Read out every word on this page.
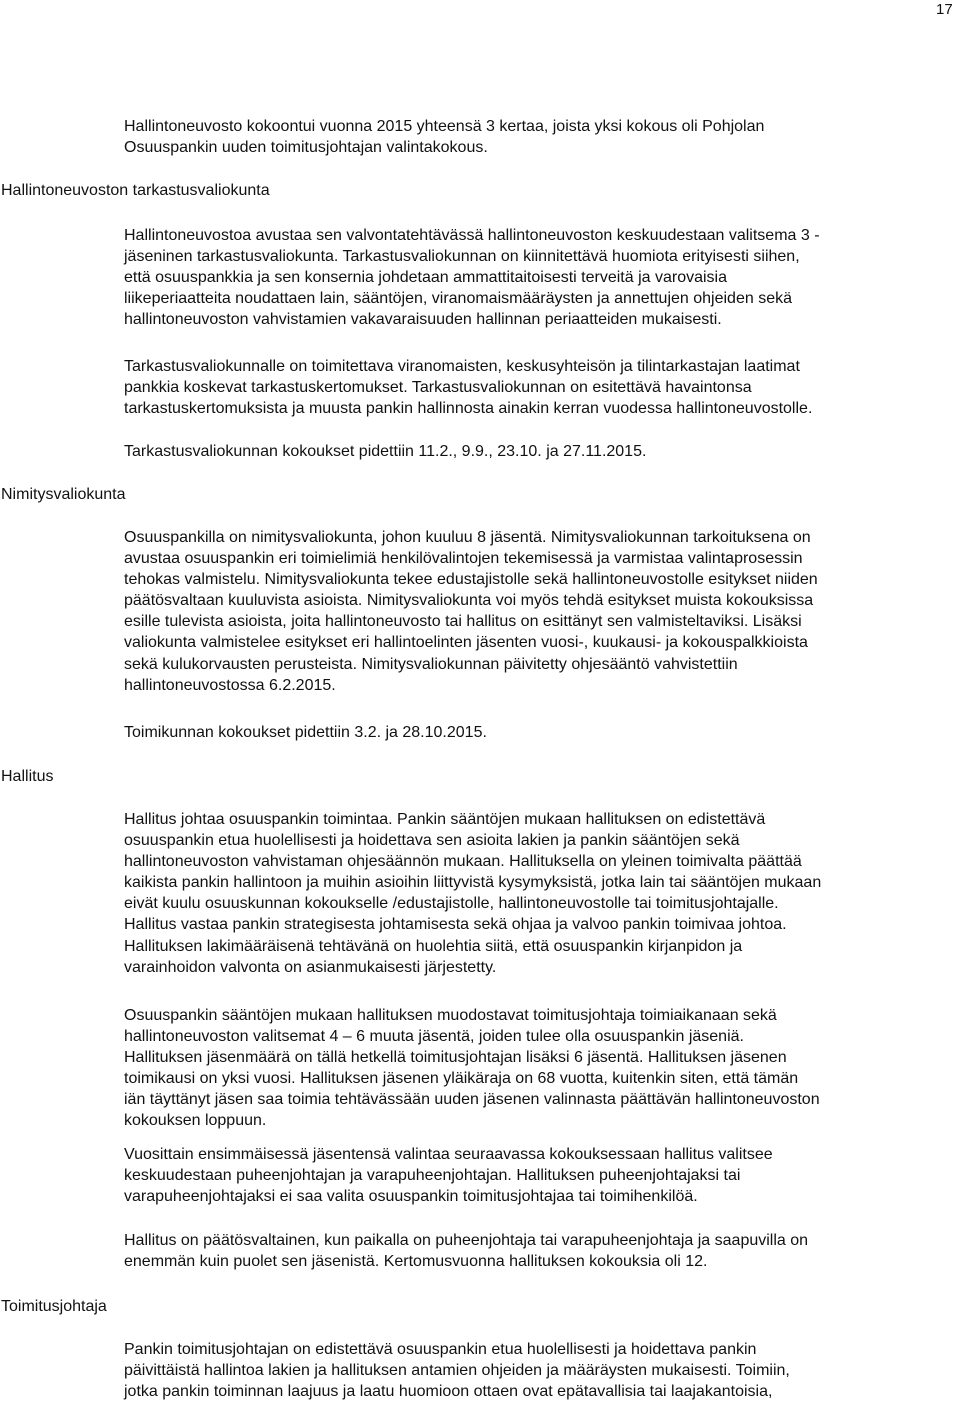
17

Hallintoneuvosto kokoontui vuonna 2015 yhteensä 3 kertaa, joista yksi kokous oli Pohjolan
Osuuspankin uuden toimitusjohtajan valintakokous.

Hallintoneuvoston tarkastusvaliokunta

Hallintoneuvostoa avustaa sen valvontatehtävässä hallintoneuvoston keskuudestaan valitsema 3 -
jäseninen tarkastusvaliokunta. Tarkastusvaliokunnan on kiinnitettävä huomiota erityisesti siihen,
että osuuspankkia ja sen konsernia johdetaan ammattitaitoisesti terveitä ja varovaisia
liikeperiaatteita noudattaen lain, sääntöjen, viranomaismääräysten ja annettujen ohjeiden sekä
hallintoneuvoston vahvistamien vakavaraisuuden hallinnan periaatteiden mukaisesti.

Tarkastusvaliokunnalle on toimitettava viranomaisten, keskusyhteisön ja tilintarkastajan laatimat
pankkia koskevat tarkastuskertomukset. Tarkastusvaliokunnan on esitettävä havaintonsa
tarkastuskertomuksista ja muusta pankin hallinnosta ainakin kerran vuodessa hallintoneuvostolle.

Tarkastusvaliokunnan kokoukset pidettiin 11.2., 9.9., 23.10. ja 27.11.2015.

Nimitysvaliokunta

Osuuspankilla on nimitysvaliokunta, johon kuuluu 8 jäsentä. Nimitysvaliokunnan tarkoituksena on
avustaa osuuspankin eri toimielimiä henkilövalintojen tekemisessä ja varmistaa valintaprosessin
tehokas valmistelu. Nimitysvaliokunta tekee edustajistolle sekä hallintoneuvostolle esitykset niiden
päätösvaltaan kuuluvista asioista. Nimitysvaliokunta voi myös tehdä esitykset muista kokouksissa
esille tulevista asioista, joita hallintoneuvosto tai hallitus on esittänyt sen valmisteltaviksi. Lisäksi
valiokunta valmistelee esitykset eri hallintoelinten jäsenten vuosi-, kuukausi- ja kokouspalkkioista
sekä kulukorvausten perusteista. Nimitysvaliokunnan päivitetty ohjesääntö vahvistettiin
hallintoneuvostossa 6.2.2015.

Toimikunnan kokoukset pidettiin 3.2. ja 28.10.2015.

Hallitus

Hallitus johtaa osuuspankin toimintaa. Pankin sääntöjen mukaan hallituksen on edistettävä
osuuspankin etua huolellisesti ja hoidettava sen asioita lakien ja pankin sääntöjen sekä
hallintoneuvoston vahvistaman ohjesäännön mukaan. Hallituksella on yleinen toimivalta päättää
kaikista pankin hallintoon ja muihin asioihin liittyvistä kysymyksistä, jotka lain tai sääntöjen mukaan
eivät kuulu osuuskunnan kokoukselle /edustajistolle, hallintoneuvostolle tai toimitusjohtajalle.
Hallitus vastaa pankin strategisesta johtamisesta sekä ohjaa ja valvoo pankin toimivaa johtoa.
Hallituksen lakimääräisenä tehtävänä on huolehtia siitä, että osuuspankin kirjanpidon ja
varainhoidon valvonta on asianmukaisesti järjestetty.

Osuuspankin sääntöjen mukaan hallituksen muodostavat toimitusjohtaja toimiaikanaan sekä
hallintoneuvoston valitsemat 4 – 6 muuta jäsentä, joiden tulee olla osuuspankin jäseniä.
Hallituksen jäsenmäärä on tällä hetkellä toimitusjohtajan lisäksi 6 jäsentä. Hallituksen jäsenen
toimikausi on yksi vuosi. Hallituksen jäsenen yläikäraja on 68 vuotta, kuitenkin siten, että tämän
iän täyttänyt jäsen saa toimia tehtävässään uuden jäsenen valinnasta päättävän hallintoneuvoston
kokouksen loppuun.

Vuosittain ensimmäisessä jäsentensä valintaa seuraavassa kokouksessaan hallitus valitsee
keskuudestaan puheenjohtajan ja varapuheenjohtajan. Hallituksen puheenjohtajaksi tai
varapuheenjohtajaksi ei saa valita osuuspankin toimitusjohtajaa tai toimihenkilöä.

Hallitus on päätösvaltainen, kun paikalla on puheenjohtaja tai varapuheenjohtaja ja saapuvilla on
enemmän kuin puolet sen jäsenistä. Kertomusvuonna hallituksen kokouksia oli 12.

Toimitusjohtaja

Pankin toimitusjohtajan on edistettävä osuuspankin etua huolellisesti ja hoidettava pankin
päivittäistä hallintoa lakien ja hallituksen antamien ohjeiden ja määräysten mukaisesti. Toimiin,
jotka pankin toiminnan laajuus ja laatu huomioon ottaen ovat epätavallisia tai laajakantoisia,
